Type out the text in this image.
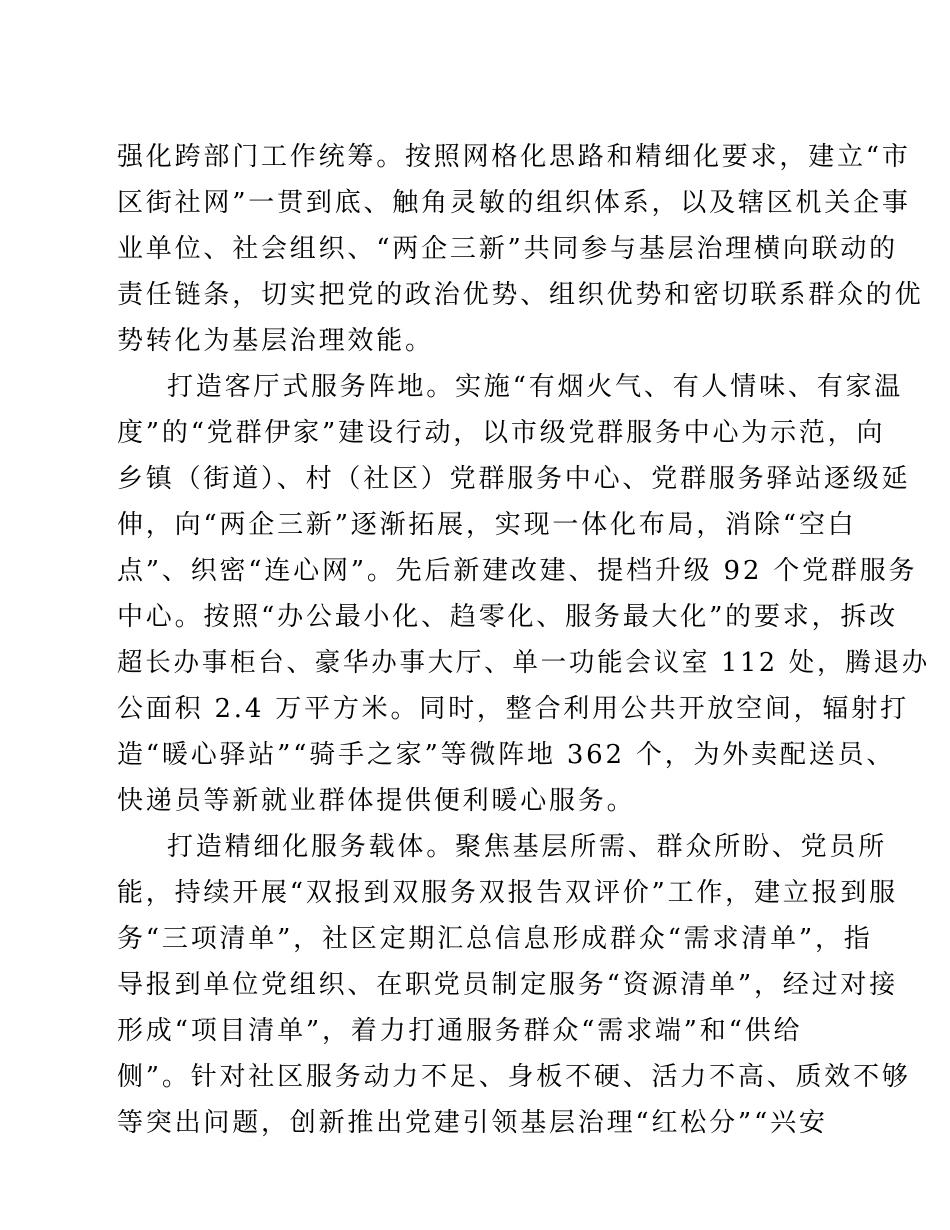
强化跨部门工作统筹。按照网格化思路和精细化要求，建立“市
区街社网”一贯到底、触角灵敏的组织体系，以及辖区机关企事
业单位、社会组织、“两企三新”共同参与基层治理横向联动的
责任链条，切实把党的政治优势、组织优势和密切联系群众的优
势转化为基层治理效能。
打造客厅式服务阵地。实施“有烟火气、有人情味、有家温
度”的“党群伊家”建设行动，以市级党群服务中心为示范，向
乡镇（街道）、村（社区）党群服务中心、党群服务驿站逐级延
伸，向“两企三新”逐渐拓展，实现一体化布局，消除“空白
点”、织密“连心网”。先后新建改建、提档升级 92 个党群服务
中心。按照“办公最小化、趋零化、服务最大化”的要求，拆改
超长办事柜台、豪华办事大厅、单一功能会议室 112 处，腾退办
公面积 2.4 万平方米。同时，整合利用公共开放空间，辐射打
造“暖心驿站”“骑手之家”等微阵地 362 个，为外卖配送员、
快递员等新就业群体提供便利暖心服务。
打造精细化服务载体。聚焦基层所需、群众所盼、党员所
能，持续开展“双报到双服务双报告双评价”工作，建立报到服
务“三项清单”，社区定期汇总信息形成群众“需求清单”，指
导报到单位党组织、在职党员制定服务“资源清单”，经过对接
形成“项目清单”，着力打通服务群众“需求端”和“供给
侧”。针对社区服务动力不足、身板不硬、活力不高、质效不够
等突出问题，创新推出党建引领基层治理“红松分”“兴安
